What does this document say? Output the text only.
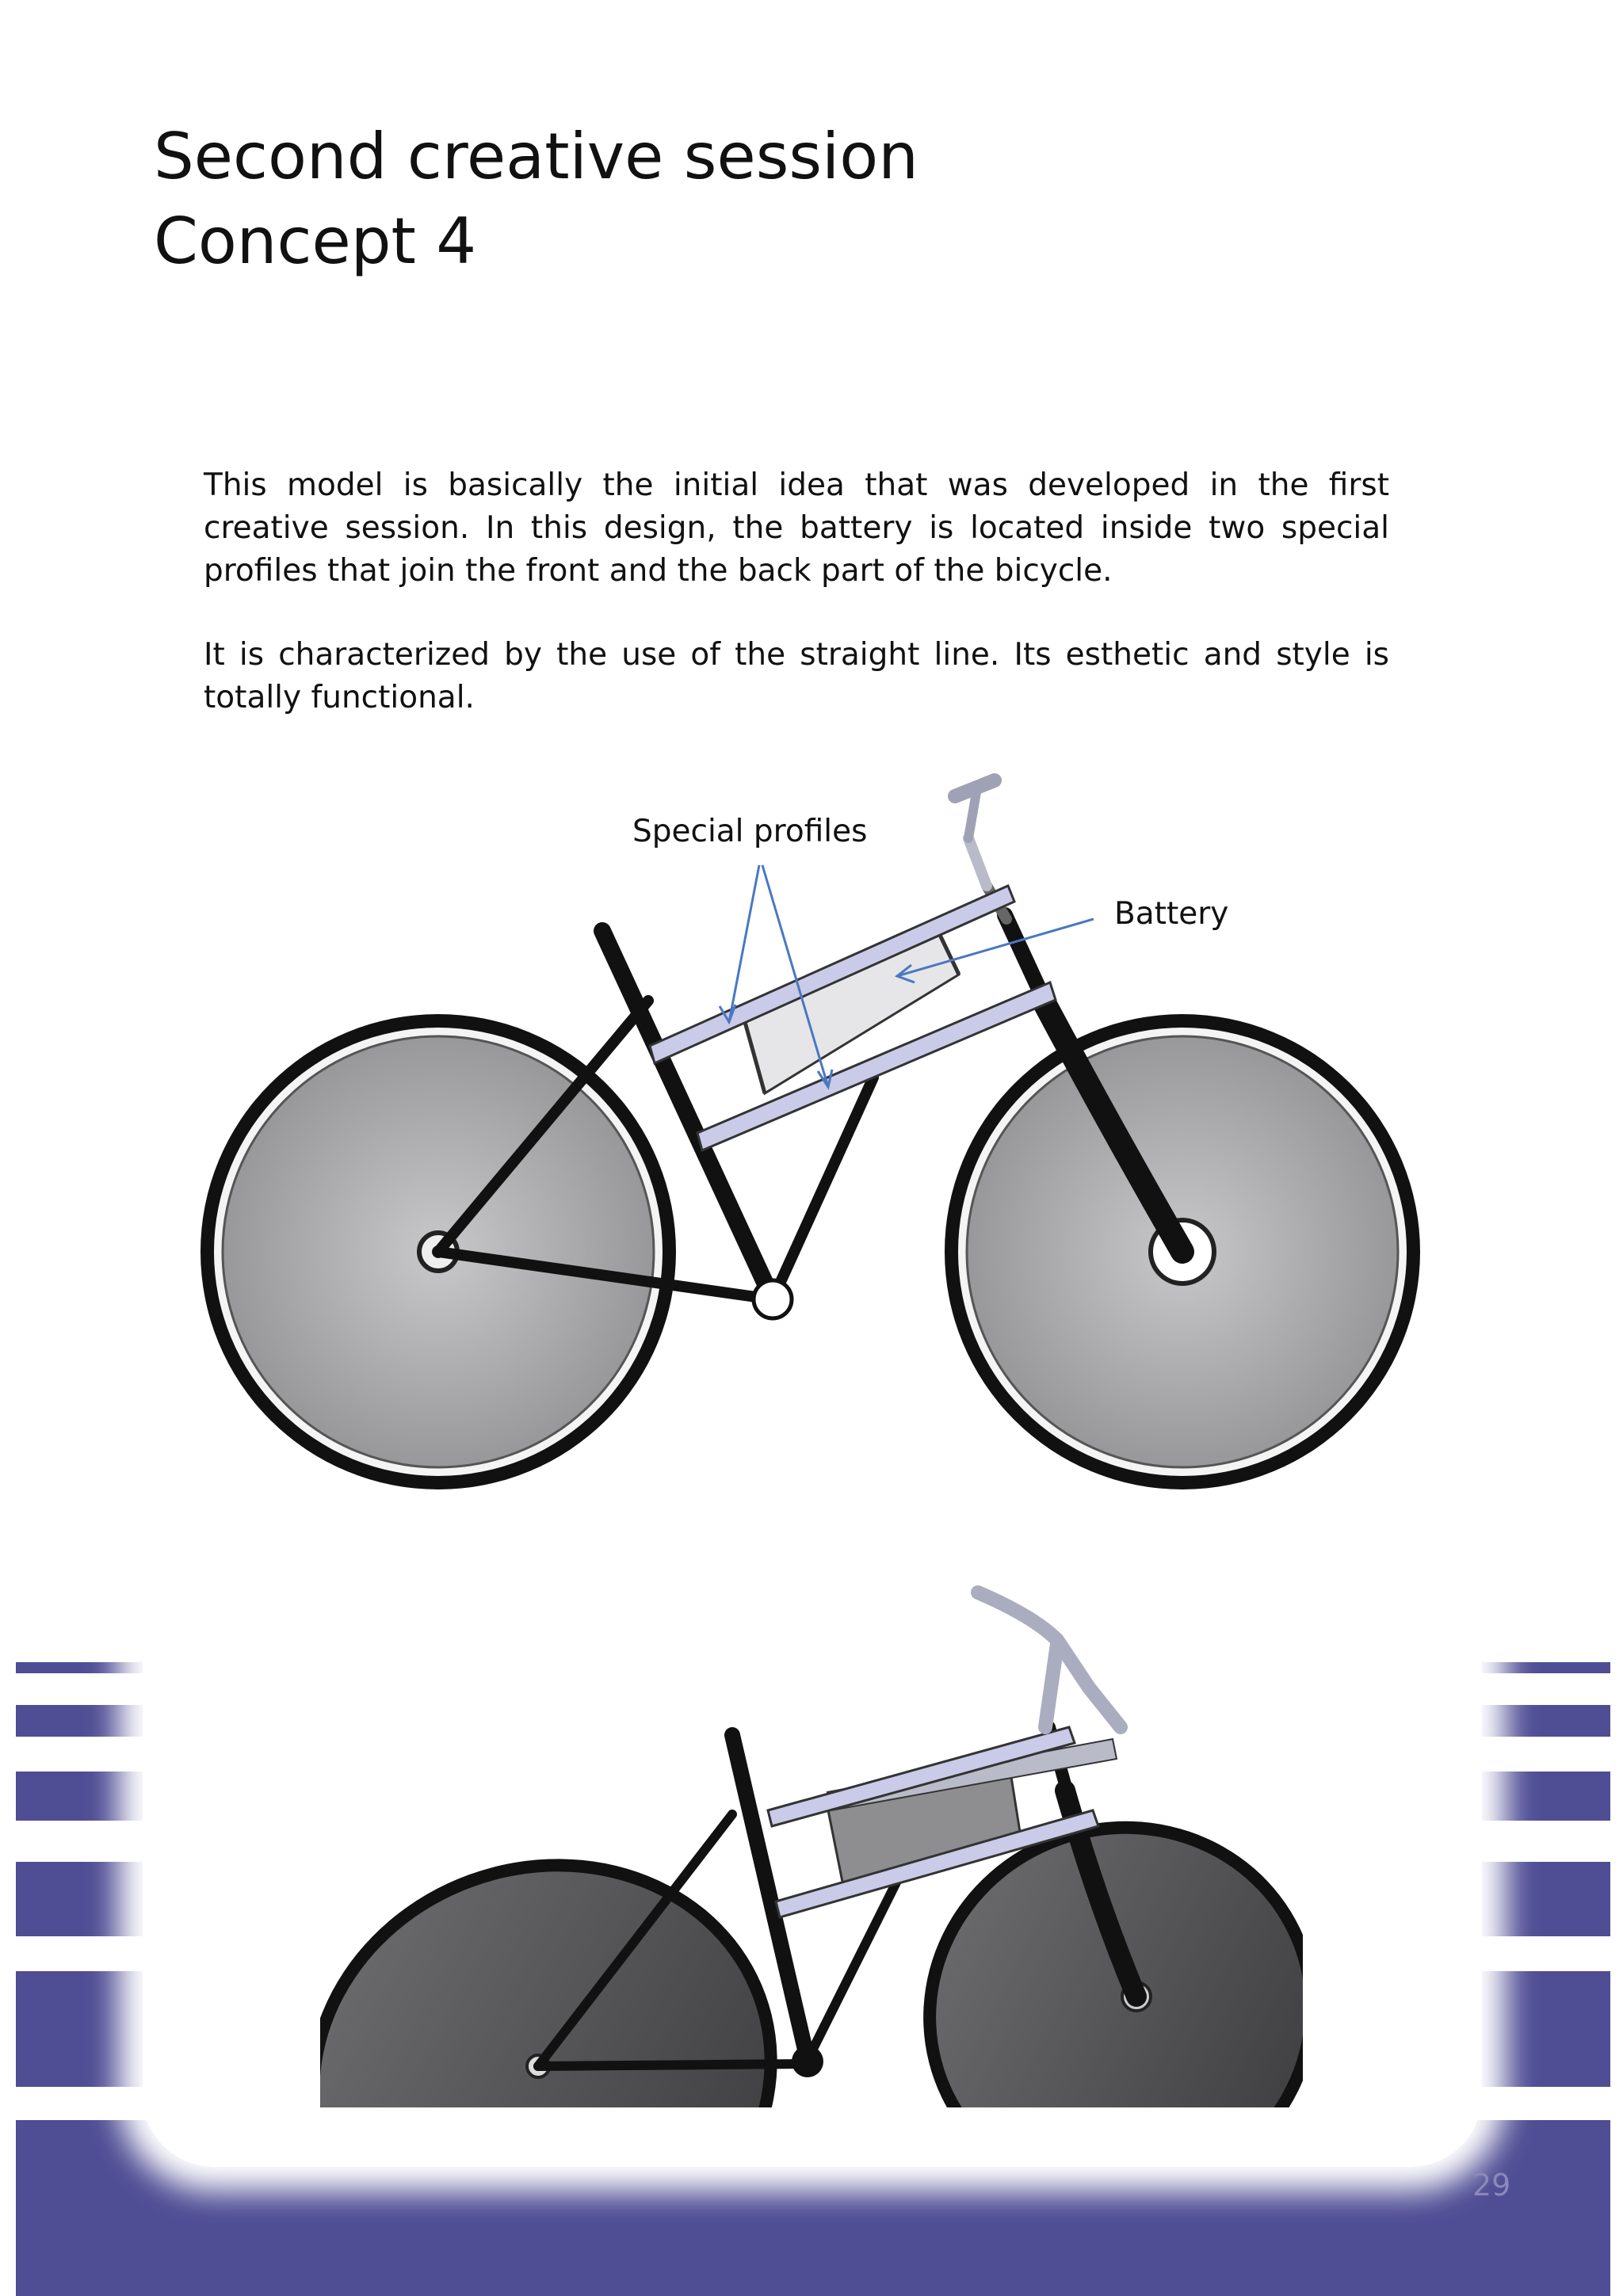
Second creative session
Concept 4

This model is basically the initial idea that was developed in the first creative session. In this design, the battery is located inside two special profiles that join the front and the back part of the bicycle.

It is characterized by the use of the straight line. Its esthetic and style is totally functional.

Special profiles
Battery
29
